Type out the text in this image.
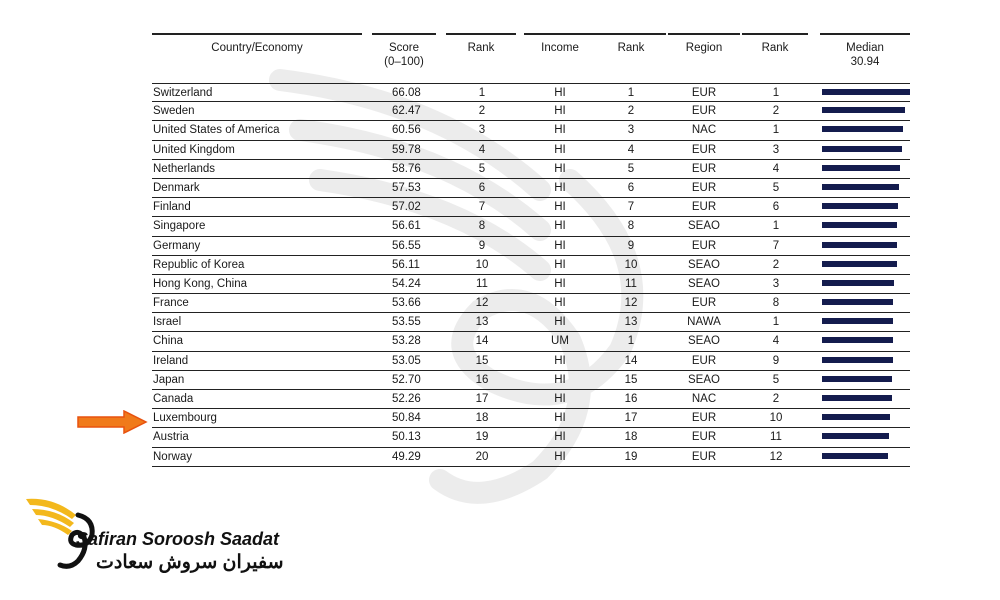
Country/Economy	Score
(0–100)
Rank	Income	Rank	Region	Rank	Median
30.94
Switzerland	66.08	1	HI	1	EUR	1
Sweden	62.47	2	HI	2	EUR	2
United States of America	60.56	3	HI	3	NAC	1
United Kingdom	59.78	4	HI	4	EUR	3
Netherlands	58.76	5	HI	5	EUR	4
Denmark	57.53	6	HI	6	EUR	5
Finland	57.02	7	HI	7	EUR	6
Singapore	56.61	8	HI	8	SEAO	1
Germany	56.55	9	HI	9	EUR	7
Republic of Korea	56.11	10	HI	10	SEAO	2
Hong Kong, China	54.24	11	HI	11	SEAO	3
France	53.66	12	HI	12	EUR	8
Israel	53.55	13	HI	13	NAWA	1
China	53.28	14	UM	1	SEAO	4
Ireland	53.05	15	HI	14	EUR	9
Japan	52.70	16	HI	15	SEAO	5
Canada	52.26	17	HI	16	NAC	2
Luxembourg	50.84	18	HI	17	EUR	10
Austria	50.13	19	HI	18	EUR	11
Norway	49.29	20	HI	19	EUR	12
Safiran Soroosh Saadat
سفیران سروش سعادت
